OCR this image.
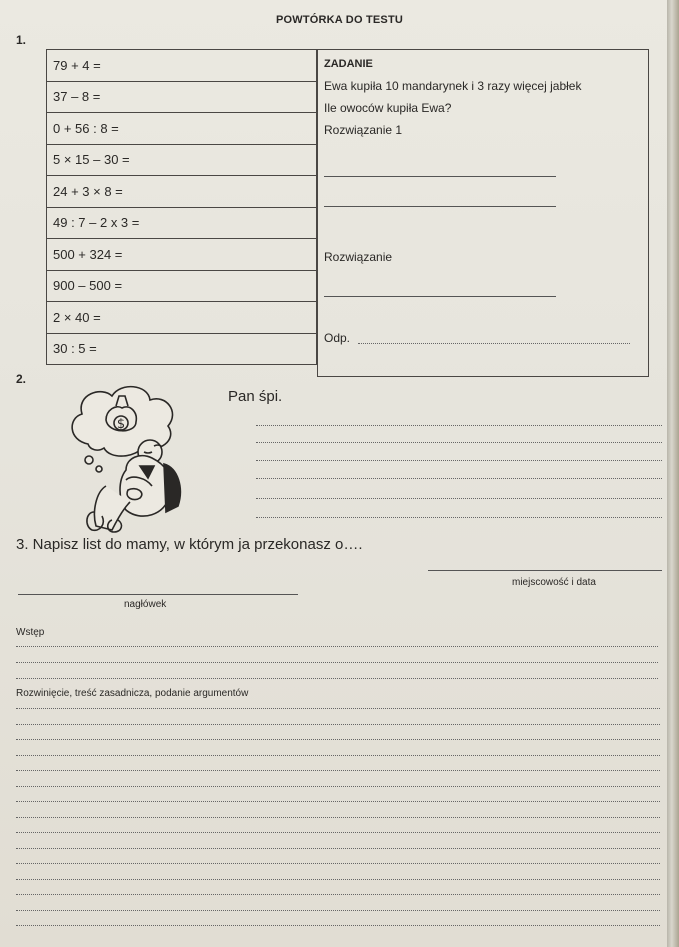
POWTÓRKA DO TESTU
1.
79 + 4 =
37 – 8 =
0 + 56 : 8 =
5 × 15 – 30 =
24 + 3 × 8 =
49 : 7 – 2 x 3 =
500 + 324 =
900 – 500 =
2 × 40 =
30 : 5 =
ZADANIE
Ewa kupiła 10 mandarynek i 3 razy więcej jabłek
Ile owoców kupiła Ewa?
Rozwiązanie 1
Rozwiązanie
Odp.
2.
$
Pan śpi.
3. Napisz list do mamy, w którym ja przekonasz o….
miejscowość i data
nagłówek
Wstęp
Rozwinięcie, treść zasadnicza, podanie argumentów
